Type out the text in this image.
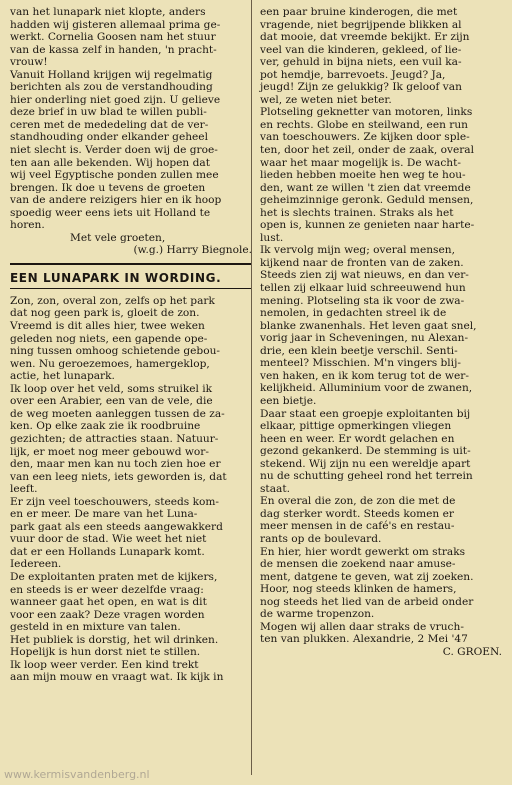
van het lunapark niet klopte, anders
hadden wij gisteren allemaal prima ge-
werkt. Cornelia Goosen nam het stuur
van de kassa zelf in handen, 'n pracht-
vrouw!

Vanuit Holland krijgen wij regelmatig
berichten als zou de verstandhouding
hier onderling niet goed zijn. U gelieve
deze brief in uw blad te willen publi-
ceren met de mededeling dat de ver-
standhouding onder elkander geheel
niet slecht is. Verder doen wij de groe-
ten aan alle bekenden. Wij hopen dat
wij veel Egyptische ponden zullen mee
brengen. Ik doe u tevens de groeten
van de andere reizigers hier en ik hoop
spoedig weer eens iets uit Holland te
horen.

Met vele groeten,

(w.g.) Harry Biegnole.

EEN LUNAPARK IN WORDING.

Zon, zon, overal zon, zelfs op het park
dat nog geen park is, gloeit de zon.
Vreemd is dit alles hier, twee weken
geleden nog niets, een gapende ope-
ning tussen omhoog schietende gebou-
wen. Nu geroezemoes, hamergeklop,
actie, het lunapark.

Ik loop over het veld, soms struikel ik
over een Arabier, een van de vele, die
de weg moeten aanleggen tussen de za-
ken. Op elke zaak zie ik roodbruine
gezichten; de attracties staan. Natuur-
lijk, er moet nog meer gebouwd wor-
den, maar men kan nu toch zien hoe er
van een leeg niets, iets geworden is, dat
leeft.

Er zijn veel toeschouwers, steeds kom-
en er meer. De mare van het Luna-
park gaat als een steeds aangewakkerd
vuur door de stad. Wie weet het niet
dat er een Hollands Lunapark komt.
Iedereen.

De exploitanten praten met de kijkers,
en steeds is er weer dezelfde vraag:
wanneer gaat het open, en wat is dit
voor een zaak? Deze vragen worden
gesteld in en mixture van talen.

Het publiek is dorstig, het wil drinken.
Hopelijk is hun dorst niet te stillen.

Ik loop weer verder. Een kind trekt
aan mijn mouw en vraagt wat. Ik kijk in

een paar bruine kinderogen, die met
vragende, niet begrijpende blikken al
dat mooie, dat vreemde bekijkt. Er zijn
veel van die kinderen, gekleed, of lie-
ver, gehuld in bijna niets, een vuil ka-
pot hemdje, barrevoets. Jeugd? Ja,
jeugd! Zijn ze gelukkig? Ik geloof van
wel, ze weten niet beter.

Plotseling geknetter van motoren, links
en rechts. Globe en steilwand, een run
van toeschouwers. Ze kijken door sple-
ten, door het zeil, onder de zaak, overal
waar het maar mogelijk is. De wacht-
lieden hebben moeite hen weg te hou-
den, want ze willen 't zien dat vreemde
geheimzinnige geronk. Geduld mensen,
het is slechts trainen. Straks als het
open is, kunnen ze genieten naar harte-
lust.

Ik vervolg mijn weg; overal mensen,
kijkend naar de fronten van de zaken.
Steeds zien zij wat nieuws, en dan ver-
tellen zij elkaar luid schreeuwend hun
mening. Plotseling sta ik voor de zwa-
nemolen, in gedachten streel ik de
blanke zwanenhals. Het leven gaat snel,
vorig jaar in Scheveningen, nu Alexan-
drie, een klein beetje verschil. Senti-
menteel? Misschien. M'n vingers blij-
ven haken, en ik kom terug tot de wer-
kelijkheid. Alluminium voor de zwanen,
een bietje.

Daar staat een groepje exploitanten bij
elkaar, pittige opmerkingen vliegen
heen en weer. Er wordt gelachen en
gezond gekankerd. De stemming is uit-
stekend. Wij zijn nu een wereldje apart
nu de schutting geheel rond het terrein
staat.

En overal die zon, de zon die met de
dag sterker wordt. Steeds komen er
meer mensen in de café's en restau-
rants op de boulevard.

En hier, hier wordt gewerkt om straks
de mensen die zoekend naar amuse-
ment, datgene te geven, wat zij zoeken.
Hoor, nog steeds klinken de hamers,
nog steeds het lied van de arbeid onder
de warme tropenzon.

Mogen wij allen daar straks de vruch-
ten van plukken. Alexandrie, 2 Mei '47

C. GROEN.

www.kermisvandenberg.nl
